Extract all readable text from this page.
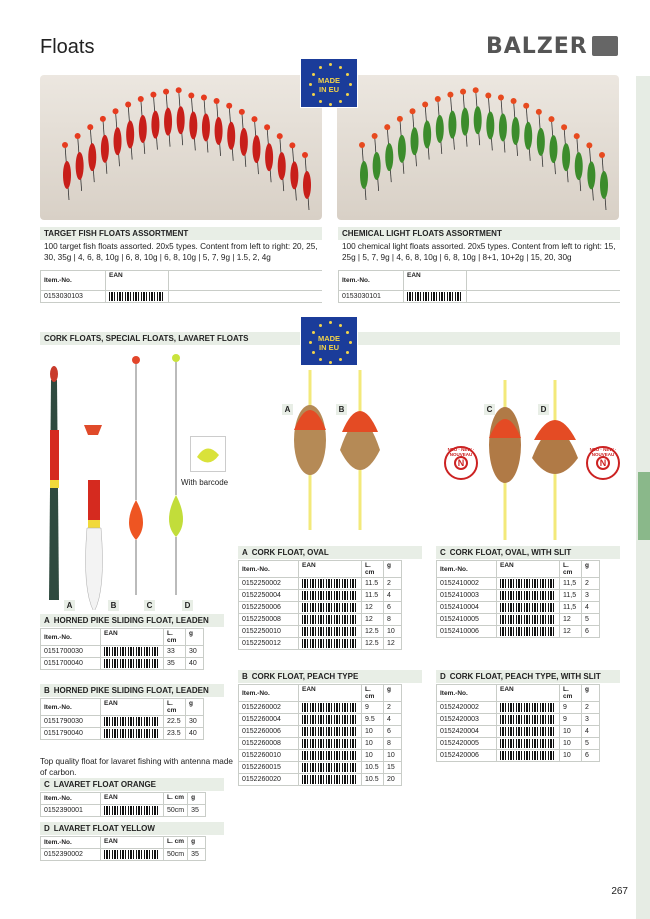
Floats	BALZER
MADE
IN EU
TARGET FISH FLOATS ASSORTMENT
100 target fish floats assorted. 20x5 types. Content from left to right: 20, 25, 30, 35g | 4, 6, 8, 10g | 6, 8, 10g | 6, 8, 10g | 5, 7, 9g | 1.5, 2, 4g
Item.-No.	EAN	
0153030103		
CHEMICAL LIGHT FLOATS ASSORTMENT
100 chemical light floats assorted. 20x5 types. Content from left to right: 15, 25g | 5, 7, 9g | 4, 6, 8, 10g | 6, 8, 10g | 8+1, 10+2g | 15, 20, 30g
Item.-No.	EAN	
0153030101		
CORK FLOATS, SPECIAL FLOATS, LAVARET FLOATS	MADE
IN EU
With barcode
A	B	C	D
A	B	C	D
NEU · NEW · NOUVEAU
N
NEU · NEW · NOUVEAU
N
A HORNED PIKE SLIDING FLOAT, LEADEN
Item.-No.	EAN	L.
cm	g
0151700030		33	30
0151700040		35	40
B HORNED PIKE SLIDING FLOAT, LEADEN
Item.-No.	EAN	L.
cm	g
0151790030		22.5	30
0151790040		23.5	40
A CORK FLOAT, OVAL
Item.-No.	EAN	L.
cm	g
0152250002		11.5	2
0152250004		11.5	4
0152250006		12	6
0152250008		12	8
0152250010		12.5	10
0152250012		12.5	12
B CORK FLOAT, PEACH TYPE
Item.-No.	EAN	L.
cm	g
0152260002		9	2
0152260004		9.5	4
0152260006		10	6
0152260008		10	8
0152260010		10	10
0152260015		10.5	15
0152260020		10.5	20
C CORK FLOAT, OVAL, WITH SLIT
Item.-No.	EAN	L.
cm	g
0152410002		11,5	2
0152410003		11,5	3
0152410004		11,5	4
0152410005		12	5
0152410006		12	6
D CORK FLOAT, PEACH TYPE, WITH SLIT
Item.-No.	EAN	L.
cm	g
0152420002		9	2
0152420003		9	3
0152420004		10	4
0152420005		10	5
0152420006		10	6
C LAVARET FLOAT ORANGE
Item.-No.	EAN	L. cm	g
0152390001		50cm	35
D LAVARET FLOAT YELLOW
Item.-No.	EAN	L. cm	g
0152390002		50cm	35
Top quality float for lavaret fishing with antenna made of carbon.
267
